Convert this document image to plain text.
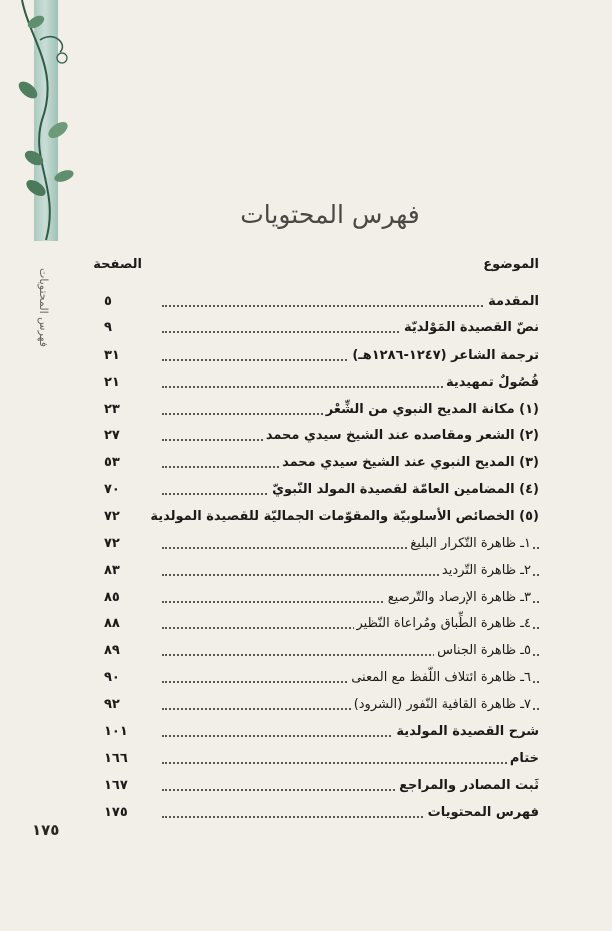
فهرس المحتويات
١٧٥
فهرس المحتويات
الموضوع
الصفحة
المقدمة
٥
نصّ القصيدة المَوْلديّة
٩
ترجمة الشاعر (١٢٤٧-١٢٨٦هـ)
٣١
فُصُولٌ تمهيدية
٢١
(١) مكانة المديح النبوي من الشِّعْر
٢٣
(٢) الشعر ومقاصده عند الشيخ سيدي محمد
٢٧
(٣) المديح النبوي عند الشيخ سيدي محمد
٥٣
(٤) المضامين العامّة لقصيدة المولد النّبويّ
٧٠
(٥) الخصائص الأسلوبيّة والمقوّمات الجماليّة للقصيدة المولدية
٧٢
١ـ ظاهرة التّكرار البليغ
٧٢
٢ـ ظاهرة التّرديد
٨٣
٣ـ ظاهرة الإرصاد والتّرصيع
٨٥
٤ـ ظاهرة الطِّباق ومُراعاة النّظير
٨٨
٥ـ ظاهرة الجناس
٨٩
٦ـ ظاهرة ائتلاف اللّفظ مع المعنى
٩٠
٧ـ ظاهرة القافية النّفور (الشرود)
٩٢
شرح القصيدة المولدية
١٠١
ختام
١٦٦
ثَبت المصادر والمراجع
١٦٧
فهرس المحتويات
١٧٥
